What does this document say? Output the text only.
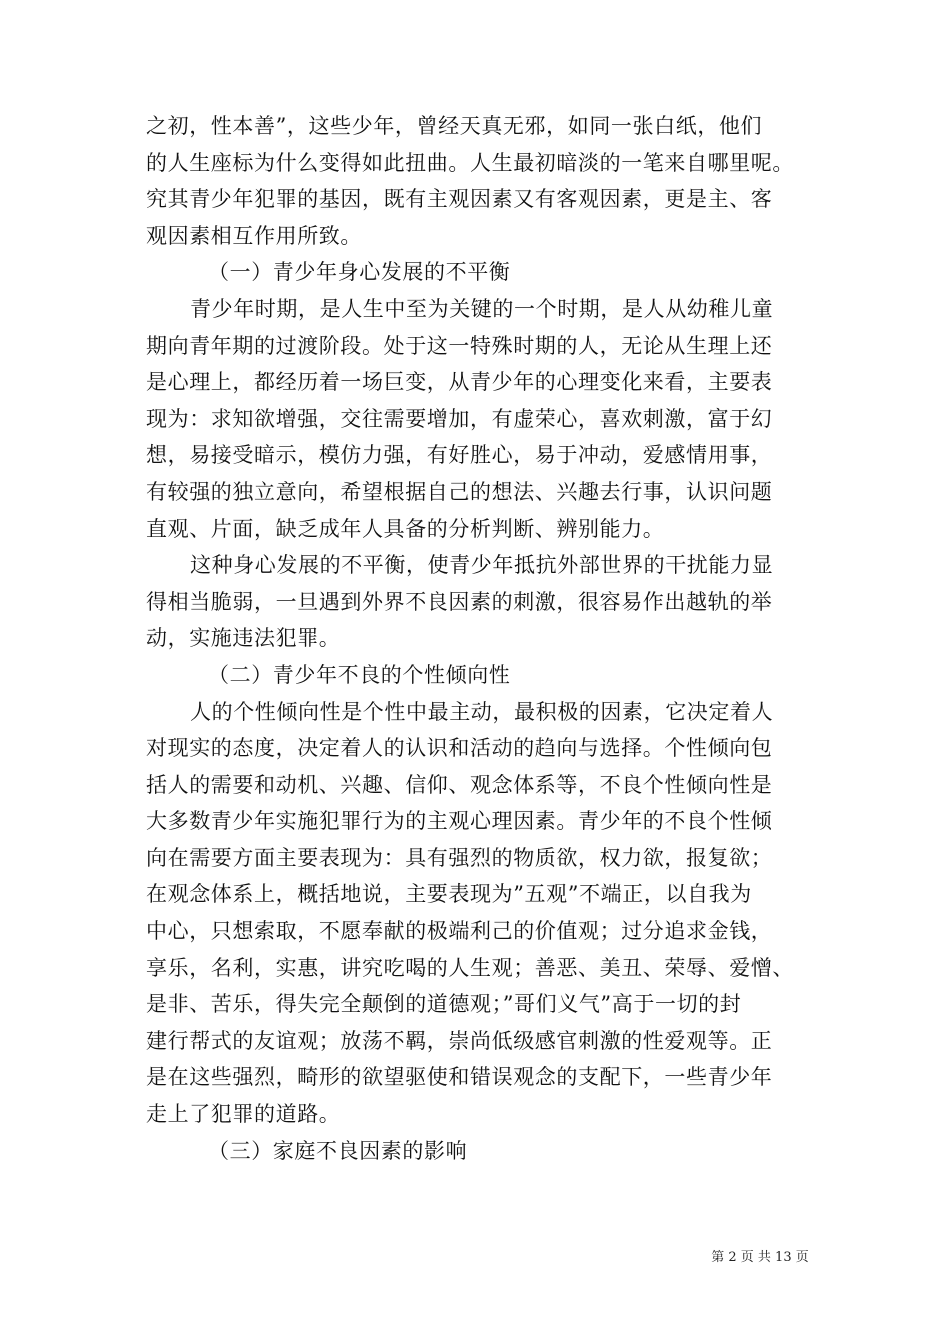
之初，性本善”，这些少年，曾经天真无邪，如同一张白纸，他们
的人生座标为什么变得如此扭曲。人生最初暗淡的一笔来自哪里呢。
究其青少年犯罪的基因，既有主观因素又有客观因素，更是主、客
观因素相互作用所致。
（一）青少年身心发展的不平衡
青少年时期，是人生中至为关键的一个时期，是人从幼稚儿童
期向青年期的过渡阶段。处于这一特殊时期的人，无论从生理上还
是心理上，都经历着一场巨变，从青少年的心理变化来看，主要表
现为：求知欲增强，交往需要增加，有虚荣心，喜欢刺激，富于幻
想，易接受暗示，模仿力强，有好胜心，易于冲动，爱感情用事，
有较强的独立意向，希望根据自己的想法、兴趣去行事，认识问题
直观、片面，缺乏成年人具备的分析判断、辨别能力。
这种身心发展的不平衡，使青少年抵抗外部世界的干扰能力显
得相当脆弱，一旦遇到外界不良因素的刺激，很容易作出越轨的举
动，实施违法犯罪。
（二）青少年不良的个性倾向性
人的个性倾向性是个性中最主动，最积极的因素，它决定着人
对现实的态度，决定着人的认识和活动的趋向与选择。个性倾向包
括人的需要和动机、兴趣、信仰、观念体系等，不良个性倾向性是
大多数青少年实施犯罪行为的主观心理因素。青少年的不良个性倾
向在需要方面主要表现为：具有强烈的物质欲，权力欲，报复欲；
在观念体系上，概括地说，主要表现为”五观”不端正，以自我为
中心，只想索取，不愿奉献的极端利己的价值观；过分追求金钱，
享乐，名利，实惠，讲究吃喝的人生观；善恶、美丑、荣辱、爱憎、
是非、苦乐，得失完全颠倒的道德观；”哥们义气”高于一切的封
建行帮式的友谊观；放荡不羁，崇尚低级感官刺激的性爱观等。正
是在这些强烈，畸形的欲望驱使和错误观念的支配下，一些青少年
走上了犯罪的道路。
（三）家庭不良因素的影响
第 2 页 共 13 页
